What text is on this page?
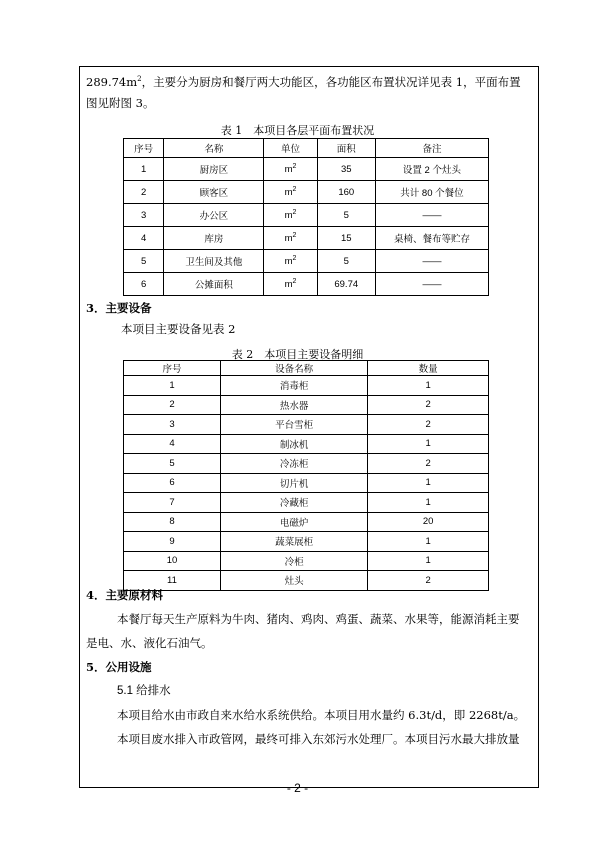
$289.74m^2$，主要分为厨房和餐厅两大功能区，各功能区布置状况详见表 1，平面布置
图见附图 3。
表 1　本项目各层平面布置状况
序号	名称	单位	面积	备注
1	厨房区	$m^2$	35	设置 2 个灶头
2	顾客区	$m^2$	160	共计 80 个餐位
3	办公区	$m^2$	5	——
4	库房	$m^2$	15	桌椅、餐布等贮存
5	卫生间及其他	$m^2$	5	——
6	公摊面积	$m^2$	69.74	——
3．主要设备
本项目主要设备见表 2
表 2　本项目主要设备明细
序号	设备名称	数量
1	消毒柜	1
2	热水器	2
3	平台雪柜	2
4	制冰机	1
5	冷冻柜	2
6	切片机	1
7	冷藏柜	1
8	电磁炉	20
9	蔬菜展柜	1
10	冷柜	1
11	灶头	2
4．主要原材料
本餐厅每天生产原料为牛肉、猪肉、鸡肉、鸡蛋、蔬菜、水果等，能源消耗主要
是电、水、液化石油气。
5．公用设施
5.1 给排水
本项目给水由市政自来水给水系统供给。本项目用水量约 6.3t/d，即 2268t/a。
本项目废水排入市政管网，最终可排入东郊污水处理厂。本项目污水最大排放量
- 2 -
